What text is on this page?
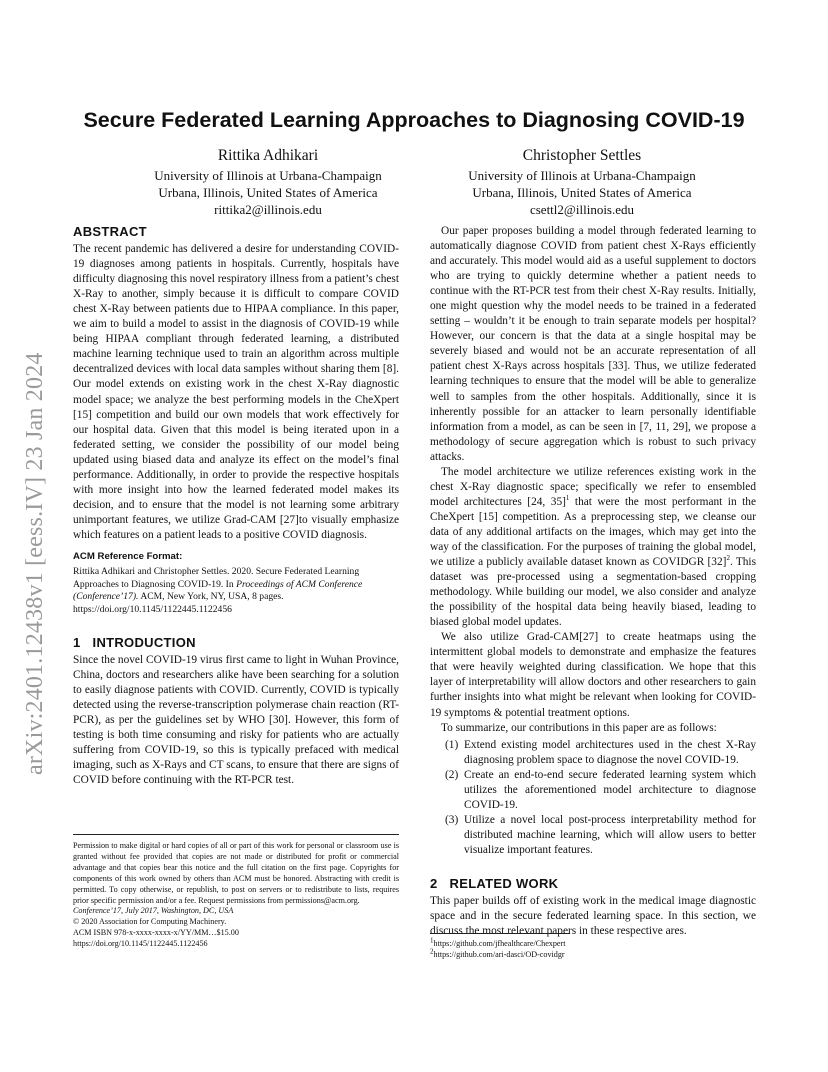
arXiv:2401.12438v1 [eess.IV] 23 Jan 2024
Secure Federated Learning Approaches to Diagnosing COVID-19
Rittika Adhikari
University of Illinois at Urbana-Champaign
Urbana, Illinois, United States of America
rittika2@illinois.edu
Christopher Settles
University of Illinois at Urbana-Champaign
Urbana, Illinois, United States of America
csettl2@illinois.edu
ABSTRACT

The recent pandemic has delivered a desire for understanding COVID-19 diagnoses among patients in hospitals. Currently, hospitals have difficulty diagnosing this novel respiratory illness from a patient’s chest X-Ray to another, simply because it is difficult to compare COVID chest X-Ray between patients due to HIPAA compliance. In this paper, we aim to build a model to assist in the diagnosis of COVID-19 while being HIPAA compliant through federated learning, a distributed machine learning technique used to train an algorithm across multiple decentralized devices with local data samples without sharing them [8]. Our model extends on existing work in the chest X-Ray diagnostic model space; we analyze the best performing models in the CheXpert [15] competition and build our own models that work effectively for our hospital data. Given that this model is being iterated upon in a federated setting, we consider the possibility of our model being updated using biased data and analyze its effect on the model’s final performance. Additionally, in order to provide the respective hospitals with more insight into how the learned federated model makes its decision, and to ensure that the model is not learning some arbitrary unimportant features, we utilize Grad-CAM [27]to visually emphasize which features on a patient leads to a positive COVID diagnosis.

ACM Reference Format:
Rittika Adhikari and Christopher Settles. 2020. Secure Federated Learning Approaches to Diagnosing COVID-19. In Proceedings of ACM Conference (Conference’17). ACM, New York, NY, USA, 8 pages. https://doi.org/10.1145/1122445.1122456
1 INTRODUCTION

Since the novel COVID-19 virus first came to light in Wuhan Province, China, doctors and researchers alike have been searching for a solution to easily diagnose patients with COVID. Currently, COVID is typically detected using the reverse-transcription polymerase chain reaction (RT-PCR), as per the guidelines set by WHO [30]. However, this form of testing is both time consuming and risky for patients who are actually suffering from COVID-19, so this is typically prefaced with medical imaging, such as X-Rays and CT scans, to ensure that there are signs of COVID before continuing with the RT-PCR test.

Permission to make digital or hard copies of all or part of this work for personal or classroom use is granted without fee provided that copies are not made or distributed for profit or commercial advantage and that copies bear this notice and the full citation on the first page. Copyrights for components of this work owned by others than ACM must be honored. Abstracting with credit is permitted. To copy otherwise, or republish, to post on servers or to redistribute to lists, requires prior specific permission and/or a fee. Request permissions from permissions@acm.org.

Conference’17, July 2017, Washington, DC, USA
© 2020 Association for Computing Machinery.
ACM ISBN 978-x-xxxx-xxxx-x/YY/MM…$15.00
https://doi.org/10.1145/1122445.1122456

Our paper proposes building a model through federated learning to automatically diagnose COVID from patient chest X-Rays efficiently and accurately. This model would aid as a useful supplement to doctors who are trying to quickly determine whether a patient needs to continue with the RT-PCR test from their chest X-Ray results. Initially, one might question why the model needs to be trained in a federated setting – wouldn’t it be enough to train separate models per hospital? However, our concern is that the data at a single hospital may be severely biased and would not be an accurate representation of all patient chest X-Rays across hospitals [33]. Thus, we utilize federated learning techniques to ensure that the model will be able to generalize well to samples from the other hospitals. Additionally, since it is inherently possible for an attacker to learn personally identifiable information from a model, as can be seen in [7, 11, 29], we propose a methodology of secure aggregation which is robust to such privacy attacks.

The model architecture we utilize references existing work in the chest X-Ray diagnostic space; specifically we refer to ensembled model architectures [24, 35]$^1$ that were the most performant in the CheXpert [15] competition. As a preprocessing step, we cleanse our data of any additional artifacts on the images, which may get into the way of the classification. For the purposes of training the global model, we utilize a publicly available dataset known as COVIDGR $[32]^2$. This dataset was pre-processed using a segmentation-based cropping methodology. While building our model, we also consider and analyze the possibility of the hospital data being heavily biased, leading to biased global model updates.

We also utilize Grad-CAM[27] to create heatmaps using the intermittent global models to demonstrate and emphasize the features that were heavily weighted during classification. We hope that this layer of interpretability will allow doctors and other researchers to gain further insights into what might be relevant when looking for COVID-19 symptoms & potential treatment options.

To summarize, our contributions in this paper are as follows:

(1) Extend existing model architectures used in the chest X-Ray diagnosing problem space to diagnose the novel COVID-19.
(2) Create an end-to-end secure federated learning system which utilizes the aforementioned model architecture to diagnose COVID-19.
(3) Utilize a novel local post-process interpretability method for distributed machine learning, which will allow users to better visualize important features.
2 RELATED WORK

This paper builds off of existing work in the medical image diagnostic space and in the secure federated learning space. In this section, we discuss the most relevant papers in these respective ares.

$^1$https://github.com/jfhealthcare/Chexpert
$^2$https://github.com/ari-dasci/OD-covidgr
